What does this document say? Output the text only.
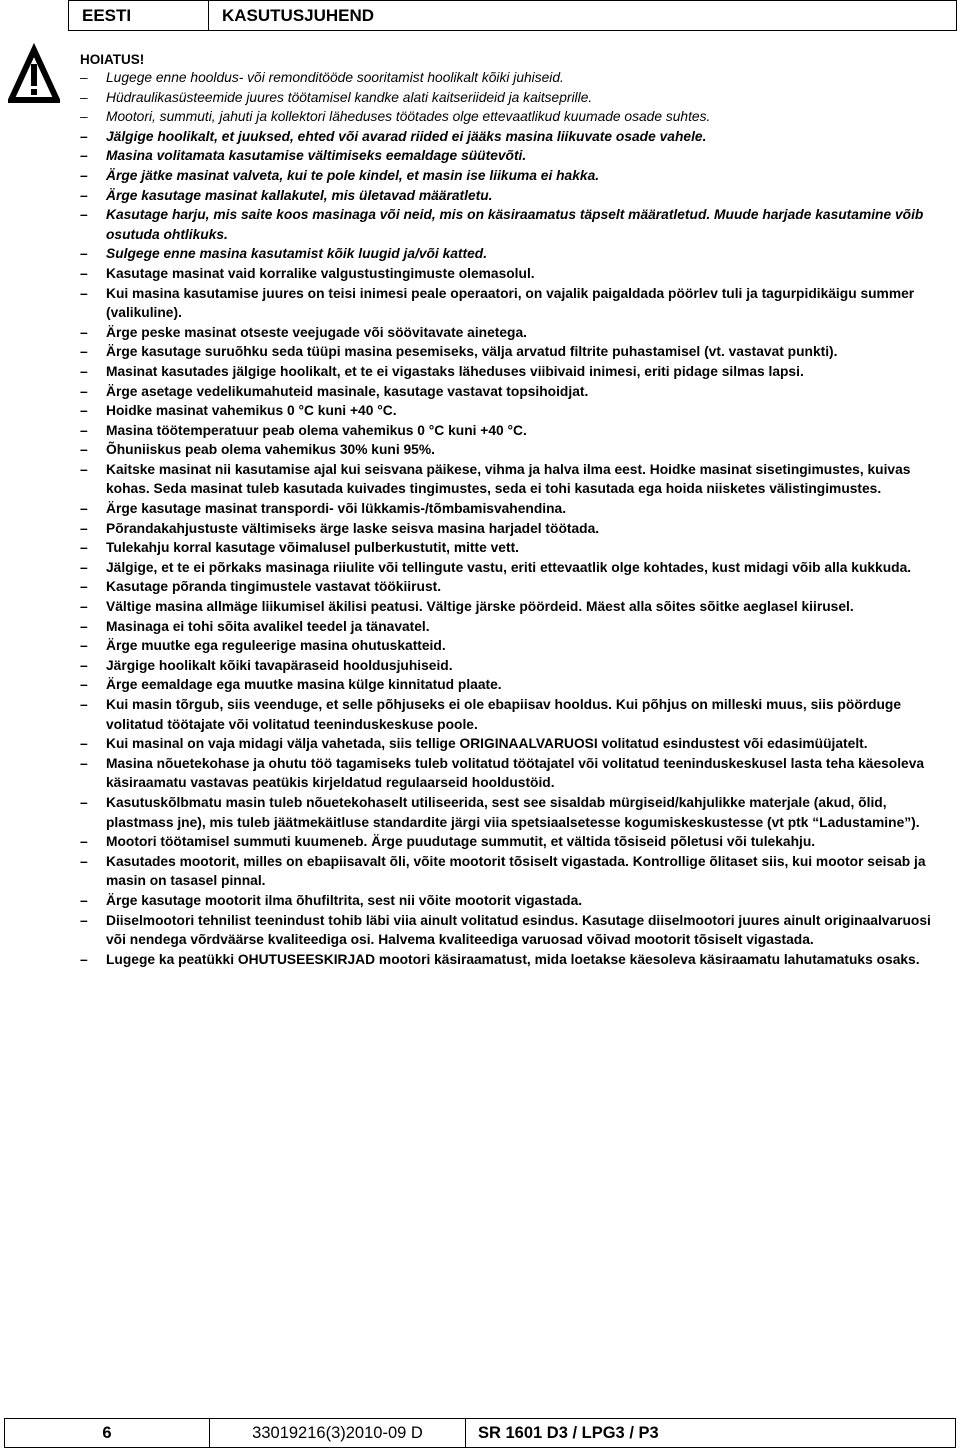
EESTI	KASUTUSJUHEND
HOIATUS!
– Lugege enne hooldus- või remonditööde sooritamist hoolikalt kõiki juhiseid.
– Hüdraulikasüsteemide juures töötamisel kandke alati kaitseriideid ja kaitseprille.
– Mootori, summuti, jahuti ja kollektori läheduses töötades olge ettevaatlikud kuumade osade suhtes.
– Jälgige hoolikalt, et juuksed, ehted või avarad riided ei jääks masina liikuvate osade vahele.
– Masina volitamata kasutamise vältimiseks eemaldage süütevõti.
– Ärge jätke masinat valveta, kui te pole kindel, et masin ise liikuma ei hakka.
– Ärge kasutage masinat kallakutel, mis ületavad määratletu.
– Kasutage harju, mis saite koos masinaga või neid, mis on käsiraamatus täpselt määratletud. Muude harjade kasutamine võib osutuda ohtlikuks.
– Sulgege enne masina kasutamist kõik luugid ja/või katted.
– Kasutage masinat vaid korralike valgustustingimuste olemasolul.
– Kui masina kasutamise juures on teisi inimesi peale operaatori, on vajalik paigaldada pöörlev tuli ja tagurpidikäigu summer (valikuline).
– Ärge peske masinat otseste veejugade või söövitavate ainetega.
– Ärge kasutage suruõhku seda tüüpi masina pesemiseks, välja arvatud filtrite puhastamisel (vt. vastavat punkti).
– Masinat kasutades jälgige hoolikalt, et te ei vigastaks läheduses viibivaid inimesi, eriti pidage silmas lapsi.
– Ärge asetage vedelikumahuteid masinale, kasutage vastavat topsihoidjat.
– Hoidke masinat vahemikus 0 °C kuni +40 °C.
– Masina töötemperatuur peab olema vahemikus 0 °C kuni +40 °C.
– Õhuniiskus peab olema vahemikus 30% kuni 95%.
– Kaitske masinat nii kasutamise ajal kui seisvana päikese, vihma ja halva ilma eest. Hoidke masinat sisetingimustes, kuivas kohas. Seda masinat tuleb kasutada kuivades tingimustes, seda ei tohi kasutada ega hoida niisketes välistingimustes.
– Ärge kasutage masinat transpordi- või lükkamis-/tõmbamisvahendina.
– Põrandakahjustuste vältimiseks ärge laske seisva masina harjadel töötada.
– Tulekahju korral kasutage võimalusel pulberkustutit, mitte vett.
– Jälgige, et te ei põrkaks masinaga riiulite või tellingute vastu, eriti ettevaatlik olge kohtades, kust midagi võib alla kukkuda.
– Kasutage põranda tingimustele vastavat töökiirust.
– Vältige masina allmäge liikumisel äkilisi peatusi. Vältige järske pöördeid. Mäest alla sõites sõitke aeglasel kiirusel.
– Masinaga ei tohi sõita avalikel teedel ja tänavatel.
– Ärge muutke ega reguleerige masina ohutuskatteid.
– Järgige hoolikalt kõiki tavapäraseid hooldusjuhiseid.
– Ärge eemaldage ega muutke masina külge kinnitatud plaate.
– Kui masin tõrgub, siis veenduge, et selle põhjuseks ei ole ebapiisav hooldus. Kui põhjus on milleski muus, siis pöörduge volitatud töötajate või volitatud teeninduskeskuse poole.
– Kui masinal on vaja midagi välja vahetada, siis tellige ORIGINAALVARUOSI volitatud esindustest või edasimüüjatelt.
– Masina nõuetekohase ja ohutu töö tagamiseks tuleb volitatud töötajatel või volitatud teeninduskeskusel lasta teha käesoleva käsiraamatu vastavas peatükis kirjeldatud regulaarseid hooldustöid.
– Kasutuskõlbmatu masin tuleb nõuetekohaselt utiliseerida, sest see sisaldab mürgiseid/kahjulikke materjale (akud, õlid, plastmass jne), mis tuleb jäätmekäitluse standardite järgi viia spetsiaalsetesse kogumiskeskustesse (vt ptk “Ladustamine”).
– Mootori töötamisel summuti kuumeneb. Ärge puudutage summutit, et vältida tõsiseid põletusi või tulekahju.
– Kasutades mootorit, milles on ebapiisavalt õli, võite mootorit tõsiselt vigastada. Kontrollige õlitaset siis, kui mootor seisab ja masin on tasasel pinnal.
– Ärge kasutage mootorit ilma õhufiltrita, sest nii võite mootorit vigastada.
– Diiselmootori tehnilist teenindust tohib läbi viia ainult volitatud esindus. Kasutage diiselmootori juures ainult originaalvaruosi või nendega võrdväärse kvaliteediga osi. Halvema kvaliteediga varuosad võivad mootorit tõsiselt vigastada.
– Lugege ka peatükki OHUTUSEESKIRJAD mootori käsiraamatust, mida loetakse käesoleva käsiraamatu lahutamatuks osaks.
6	33019216(3)2010-09 D	SR 1601 D3 / LPG3 / P3
